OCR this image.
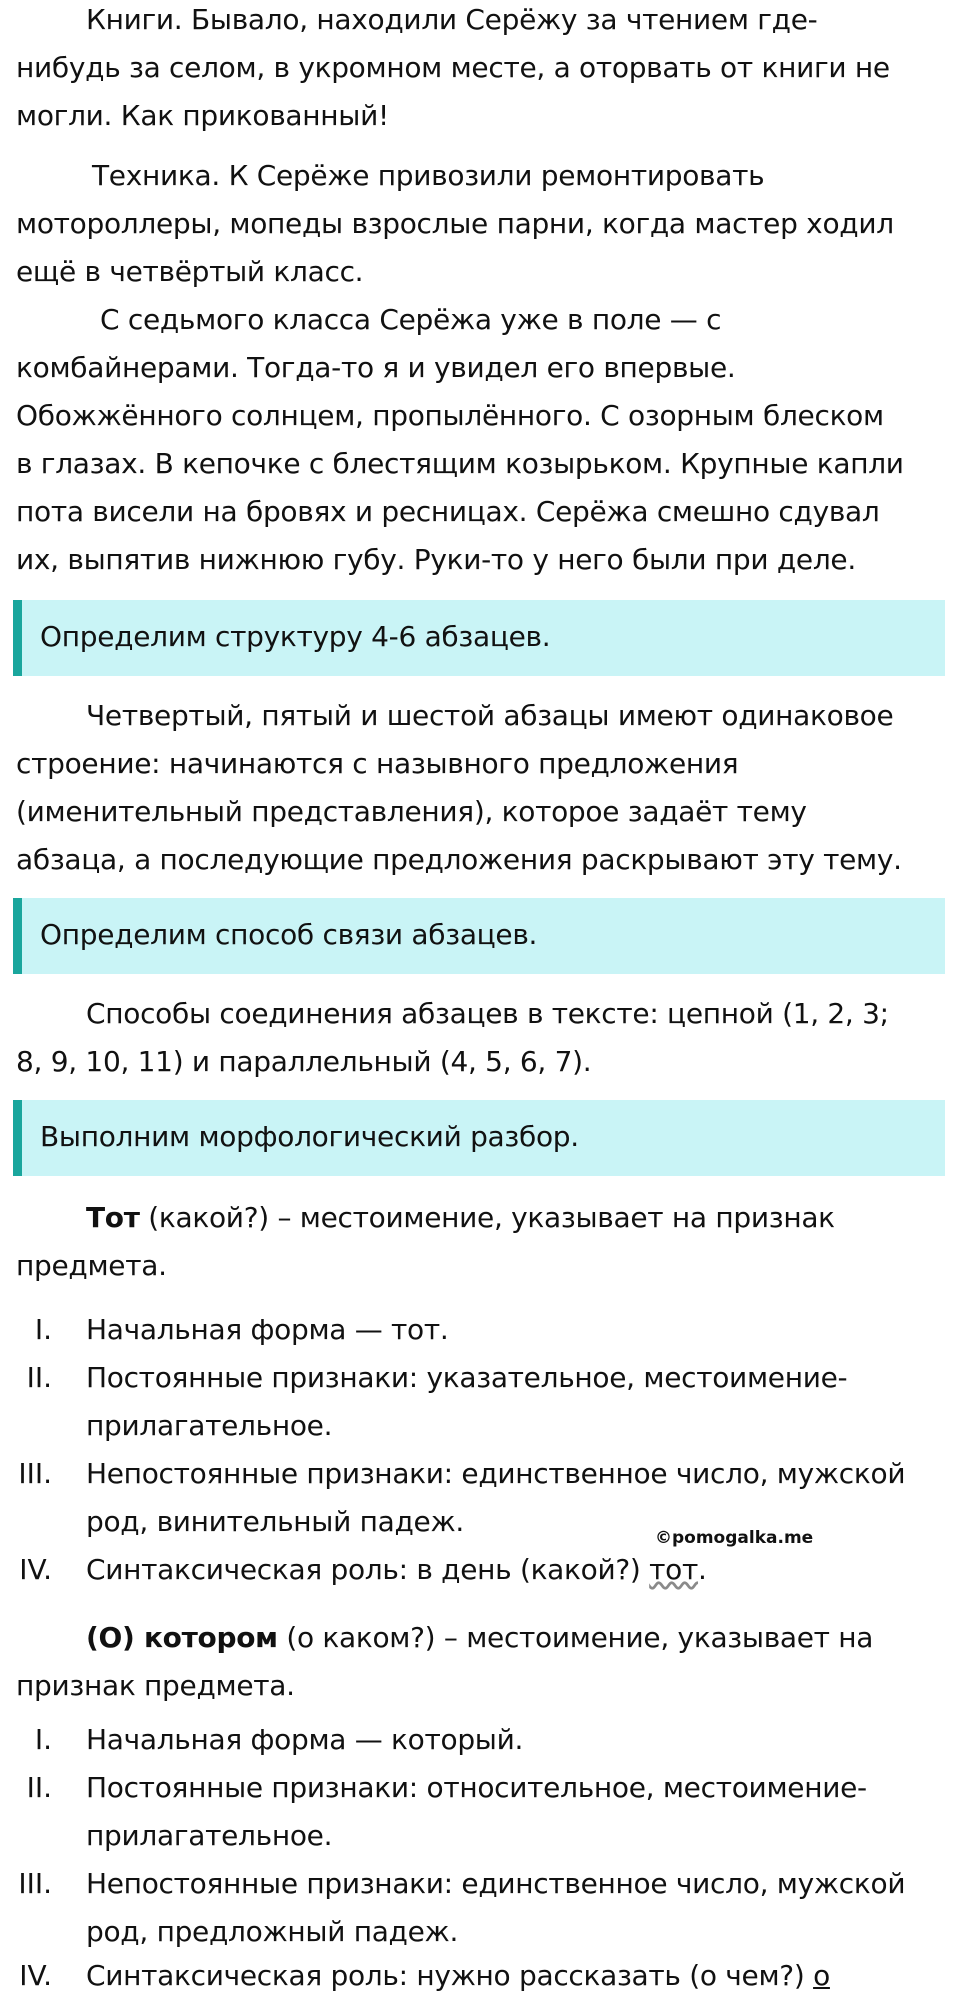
Книги. Бывало, находили Серёжу за чтением где-
нибудь за селом, в укромном месте, а оторвать от книги не
могли. Как прикованный!
Техника. К Серёже привозили ремонтировать
мотороллеры, мопеды взрослые парни, когда мастер ходил
ещё в четвёртый класс.
С седьмого класса Серёжа уже в поле — с
комбайнерами. Тогда-то я и увидел его впервые.
Обожжённого солнцем, пропылённого. С озорным блеском
в глазах. В кепочке с блестящим козырьком. Крупные капли
пота висели на бровях и ресницах. Серёжа смешно сдувал
их, выпятив нижнюю губу. Руки-то у него были при деле.
Определим структуру 4-6 абзацев.
Четвертый, пятый и шестой абзацы имеют одинаковое
строение: начинаются с назывного предложения
(именительный представления), которое задаёт тему
абзаца, а последующие предложения раскрывают эту тему.
Определим способ связи абзацев.
Способы соединения абзацев в тексте: цепной (1, 2, 3;
8, 9, 10, 11) и параллельный (4, 5, 6, 7).
Выполним морфологический разбор.
Тот (какой?) – местоимение, указывает на признак
предмета.
I. Начальная форма — тот.
II. Постоянные признаки: указательное, местоимение-
прилагательное.
III. Непостоянные признаки: единственное число, мужской
род, винительный падеж.	©pomogalka.me
IV. Синтаксическая роль: в день (какой?) тот.
(О) котором (о каком?) – местоимение, указывает на
признак предмета.
I. Начальная форма — который.
II. Постоянные признаки: относительное, местоимение-
прилагательное.
III. Непостоянные признаки: единственное число, мужской
род, предложный падеж.
IV. Синтаксическая роль: нужно рассказать (о чем?) о
